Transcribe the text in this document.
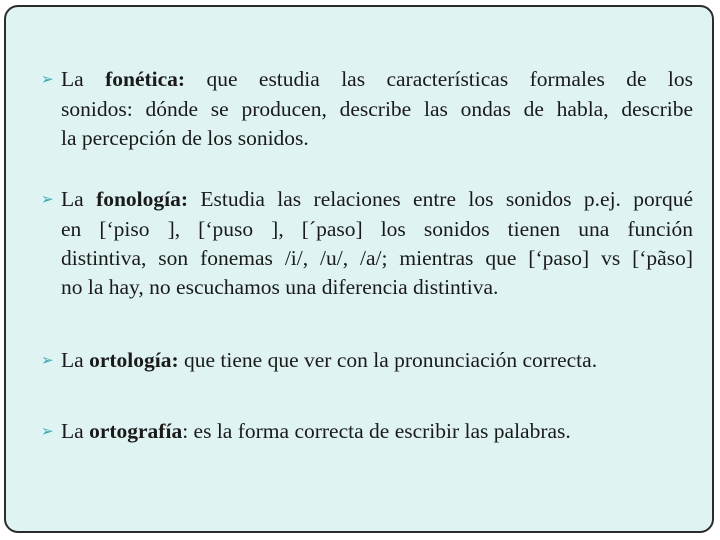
➢ La fonética: que estudia las características formales de los
sonidos: dónde se producen, describe las ondas de habla, describe
la percepción de los sonidos.
➢ La fonología: Estudia las relaciones entre los sonidos p.ej. porqué
en [‘piso ], [‘puso ], [´paso] los sonidos tienen una función
distintiva, son fonemas /i/, /u/, /a/; mientras que [‘paso] vs [‘pãso]
no la hay, no escuchamos una diferencia distintiva.
➢ La ortología: que tiene que ver con la pronunciación correcta.
➢ La ortografía: es la forma correcta de escribir las palabras.
